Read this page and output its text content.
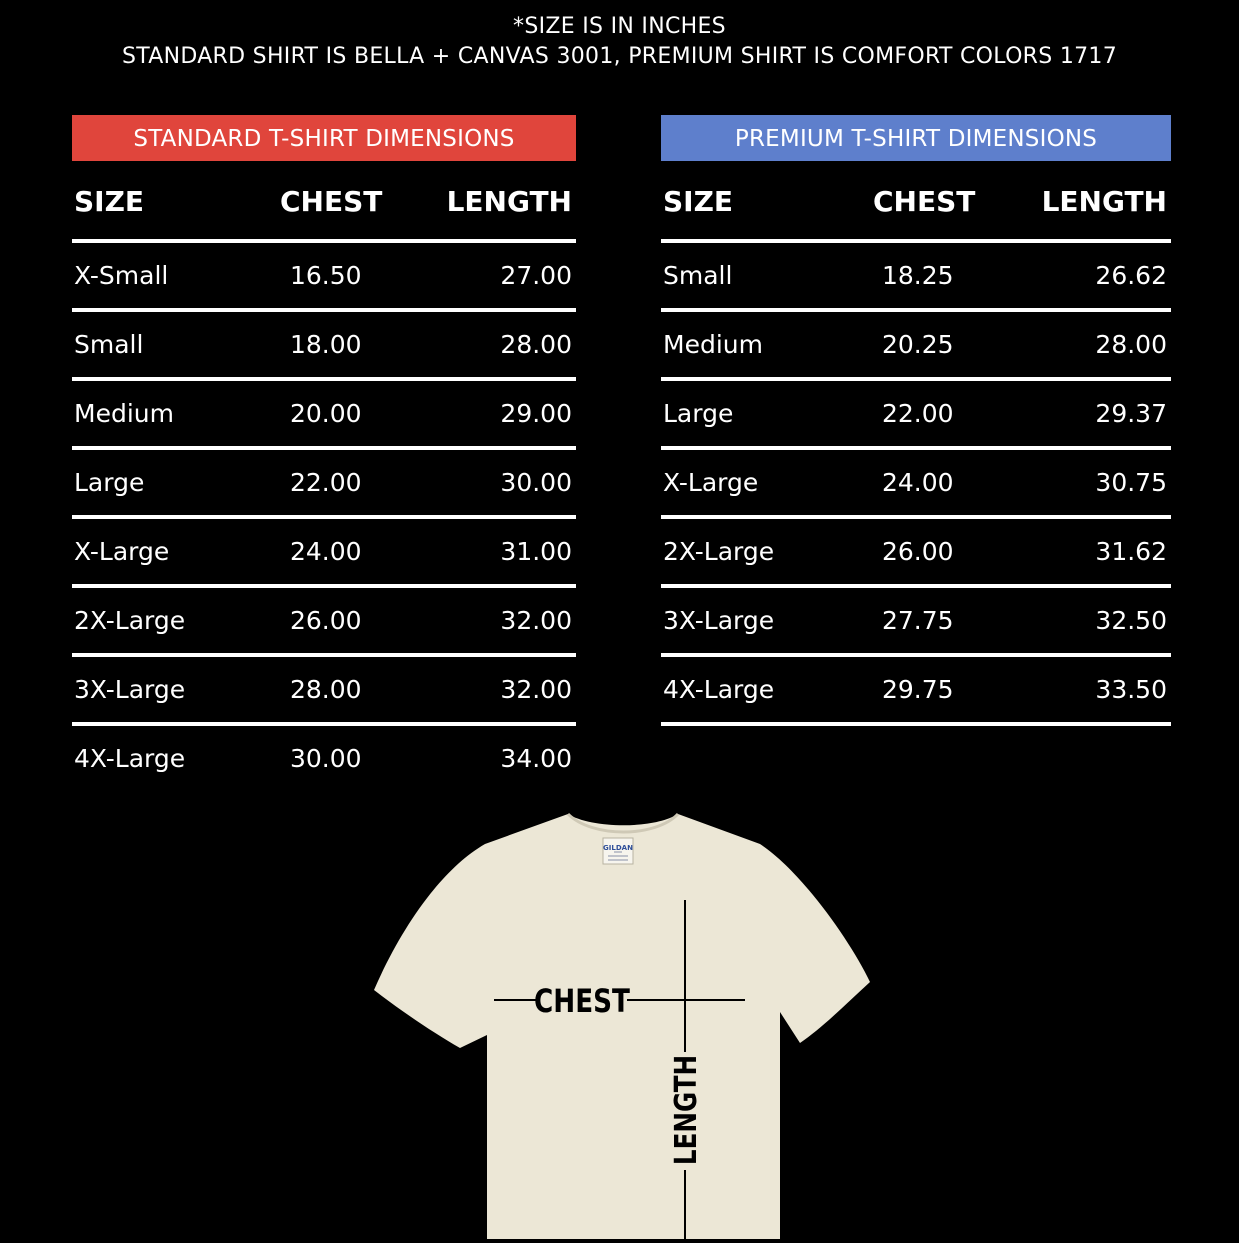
*SIZE IS IN INCHES
STANDARD SHIRT IS BELLA + CANVAS 3001, PREMIUM SHIRT IS COMFORT COLORS 1717
STANDARD T-SHIRT DIMENSIONS
SIZE	CHEST LENGTH
X-Small	16.50	27.00
Small	18.00	28.00
Medium	20.00	29.00
Large	22.00	30.00
X-Large	24.00	31.00
2X-Large	26.00	32.00
3X-Large	28.00	32.00
4X-Large	30.00	34.00
PREMIUM T-SHIRT DIMENSIONS
SIZE	CHEST LENGTH
Small	18.25	26.62
Medium	20.25	28.00
Large	22.00	29.37
X-Large	24.00	30.75
2X-Large	26.00	31.62
3X-Large	27.75	32.50
4X-Large	29.75	33.50
GILDAN
CHEST
LENGTH
